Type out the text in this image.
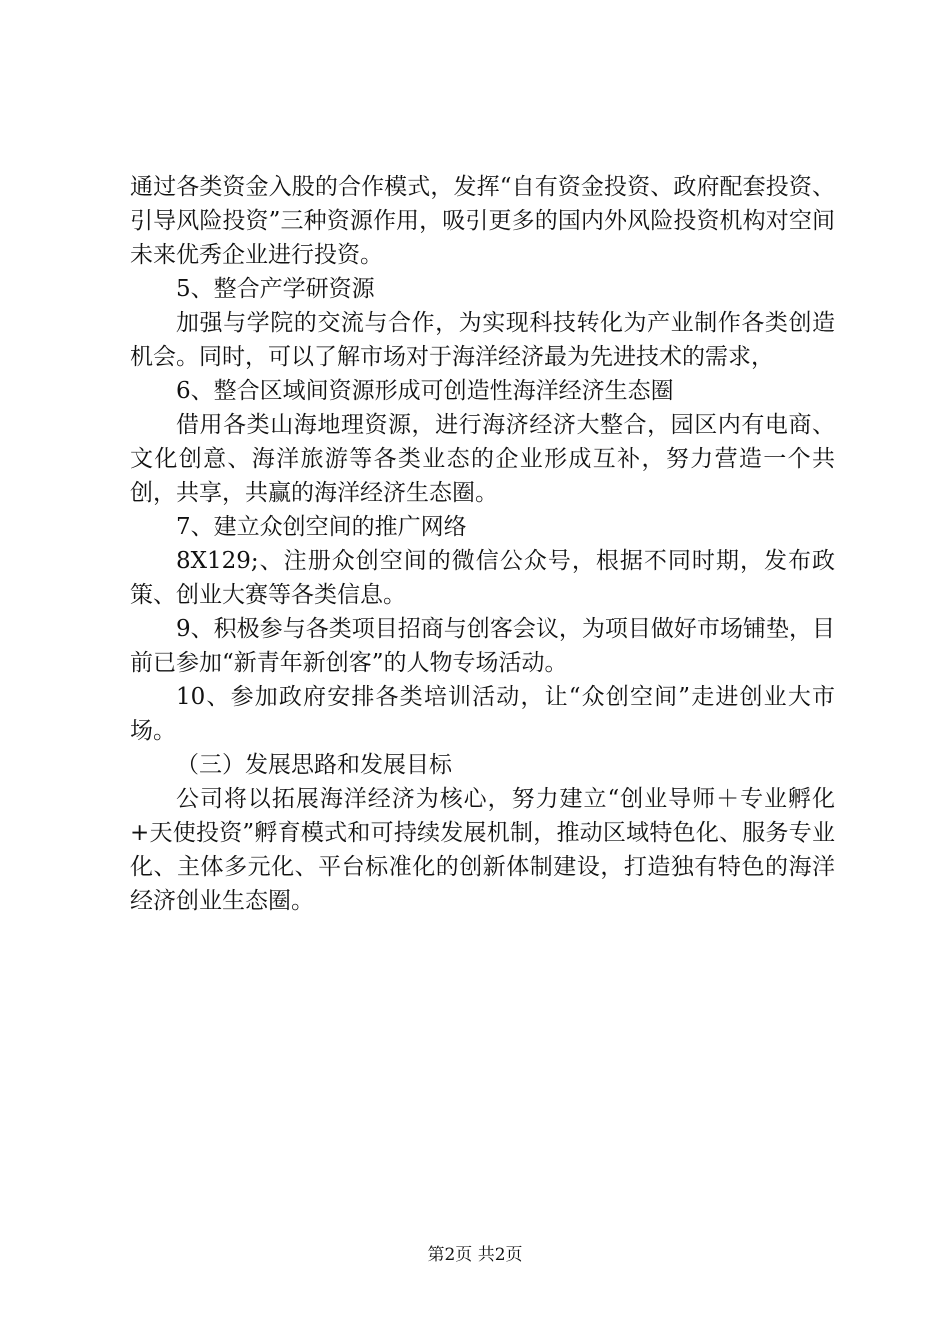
通过各类资金入股的合作模式，发挥“自有资金投资、政府配套投资、引导风险投资”三种资源作用，吸引更多的国内外风险投资机构对空间未来优秀企业进行投资。

5、整合产学研资源

加强与学院的交流与合作，为实现科技转化为产业制作各类创造机会。同时，可以了解市场对于海洋经济最为先进技术的需求，

6、整合区域间资源形成可创造性海洋经济生态圈

借用各类山海地理资源，进行海济经济大整合，园区内有电商、文化创意、海洋旅游等各类业态的企业形成互补，努力营造一个共创，共享，共赢的海洋经济生态圈。

7、建立众创空间的推广网络

8X129;、注册众创空间的微信公众号，根据不同时期，发布政策、创业大赛等各类信息。

9、积极参与各类项目招商与创客会议，为项目做好市场铺垫，目前已参加“新青年新创客”的人物专场活动。

10、参加政府安排各类培训活动，让“众创空间”走进创业大市场。

（三）发展思路和发展目标

公司将以拓展海洋经济为核心，努力建立“创业导师＋专业孵化+天使投资”孵育模式和可持续发展机制，推动区域特色化、服务专业化、主体多元化、平台标准化的创新体制建设，打造独有特色的海洋经济创业生态圈。

第2页 共2页
